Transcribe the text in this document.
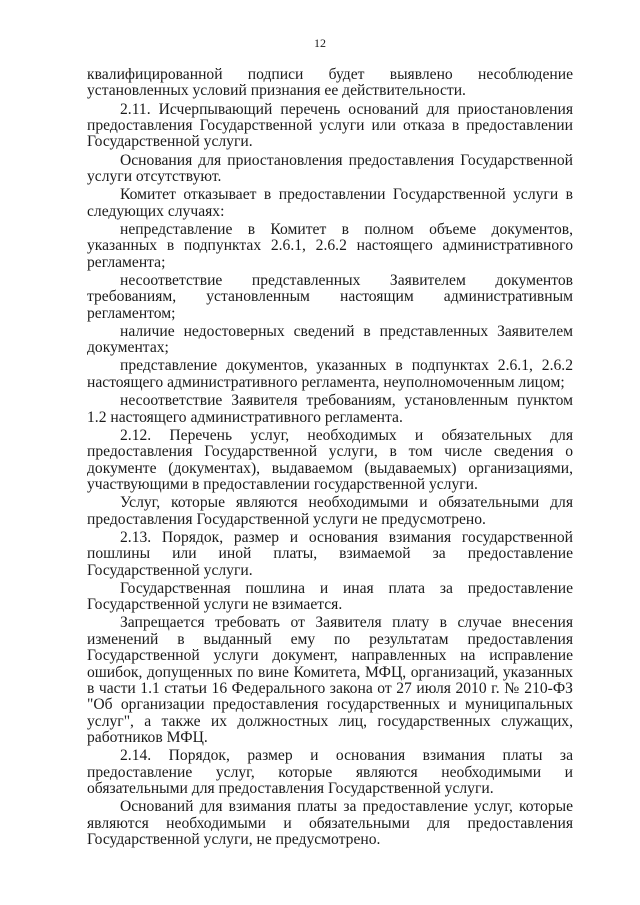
12

квалифицированной подписи будет выявлено несоблюдение установленных условий признания ее действительности.

2.11. Исчерпывающий перечень оснований для приостановления предоставления Государственной услуги или отказа в предоставлении Государственной услуги.

Основания для приостановления предоставления Государственной услуги отсутствуют.

Комитет отказывает в предоставлении Государственной услуги в следующих случаях:

непредставление в Комитет в полном объеме документов, указанных в подпунктах 2.6.1, 2.6.2 настоящего административного регламента;

несоответствие представленных Заявителем документов требованиям, установленным настоящим административным регламентом;

наличие недостоверных сведений в представленных Заявителем документах;

представление документов, указанных в подпунктах 2.6.1, 2.6.2 настоящего административного регламента, неуполномоченным лицом;

несоответствие Заявителя требованиям, установленным пунктом 1.2 настоящего административного регламента.

2.12. Перечень услуг, необходимых и обязательных для предоставления Государственной услуги, в том числе сведения о документе (документах), выдаваемом (выдаваемых) организациями, участвующими в предоставлении государственной услуги.

Услуг, которые являются необходимыми и обязательными для предоставления Государственной услуги не предусмотрено.

2.13. Порядок, размер и основания взимания государственной пошлины или иной платы, взимаемой за предоставление Государственной услуги.

Государственная пошлина и иная плата за предоставление Государственной услуги не взимается.

Запрещается требовать от Заявителя плату в случае внесения изменений в выданный ему по результатам предоставления Государственной услуги документ, направленных на исправление ошибок, допущенных по вине Комитета, МФЦ, организаций, указанных в части 1.1 статьи 16 Федерального закона от 27 июля 2010 г. № 210-ФЗ "Об организации предоставления государственных и муниципальных услуг", а также их должностных лиц, государственных служащих, работников МФЦ.

2.14. Порядок, размер и основания взимания платы за предоставление услуг, которые являются необходимыми и обязательными для предоставления Государственной услуги.

Оснований для взимания платы за предоставление услуг, которые являются необходимыми и обязательными для предоставления Государственной услуги, не предусмотрено.
